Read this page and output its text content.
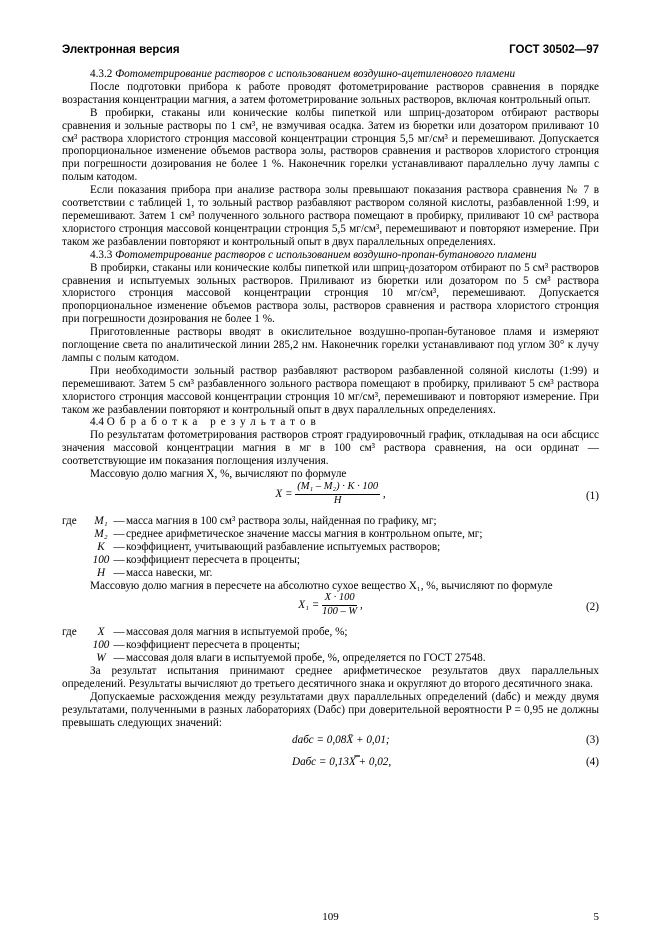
Электронная версия	ГОСТ 30502—97

4.3.2 Фотометрирование растворов с использованием воздушно-ацетиленового пламени

После подготовки прибора к работе проводят фотометрирование растворов сравнения в порядке возрастания концентрации магния, а затем фотометрирование зольных растворов, включая контрольный опыт.

В пробирки, стаканы или конические колбы пипеткой или шприц-дозатором отбирают растворы сравнения и зольные растворы по 1 см³, не взмучивая осадка. Затем из бюретки или дозатором приливают 10 см³ раствора хлористого стронция массовой концентрации стронция 5,5 мг/см³ и перемешивают. Допускается пропорциональное изменение объемов раствора золы, растворов сравнения и растворов хлористого стронция при погрешности дозирования не более 1 %. Наконечник горелки устанавливают параллельно лучу лампы с полым катодом.

Если показания прибора при анализе раствора золы превышают показания раствора сравнения № 7 в соответствии с таблицей 1, то зольный раствор разбавляют раствором соляной кислоты, разбавленной 1:99, и перемешивают. Затем 1 см³ полученного зольного раствора помещают в пробирку, приливают 10 см³ раствора хлористого стронция массовой концентрации стронция 5,5 мг/см³, перемешивают и повторяют измерение. При таком же разбавлении повторяют и контрольный опыт в двух параллельных определениях.

4.3.3 Фотометрирование растворов с использованием воздушно-пропан-бутанового пламени

В пробирки, стаканы или конические колбы пипеткой или шприц-дозатором отбирают по 5 см³ растворов сравнения и испытуемых зольных растворов. Приливают из бюретки или дозатором по 5 см³ раствора хлористого стронция массовой концентрации стронция 10 мг/см³, перемешивают. Допускается пропорциональное изменение объемов раствора золы, растворов сравнения и раствора хлористого стронция при погрешности дозирования не более 1 %.

Приготовленные растворы вводят в окислительное воздушно-пропан-бутановое пламя и измеряют поглощение света по аналитической линии 285,2 нм. Наконечник горелки устанавливают под углом 30° к лучу лампы с полым катодом.

При необходимости зольный раствор разбавляют раствором разбавленной соляной кислоты (1:99) и перемешивают. Затем 5 см³ разбавленного зольного раствора помещают в пробирку, приливают 5 см³ раствора хлористого стронция массовой концентрации стронция 10 мг/см³, перемешивают и повторяют измерение. При таком же разбавлении повторяют и контрольный опыт в двух параллельных определениях.

4.4 Обработка результатов

По результатам фотометрирования растворов строят градуировочный график, откладывая на оси абсцисс значения массовой концентрации магния в мг в 100 см³ раствора сравнения, на оси ординат — соответствующие им показания поглощения излучения.

Массовую долю магния X, %, вычисляют по формуле

$X = \frac{\text{(M₁ – M₂) · K · 100}}{H}$ ,	(1)
где	M₁	—	масса магния в 100 см³ раствора золы, найденная по графику, мг;
	M₂	—	среднее арифметическое значение массы магния в контрольном опыте, мг;
	K	—	коэффициент, учитывающий разбавление испытуемых растворов;
	100	—	коэффициент пересчета в проценты;
	H	—	масса навески, мг.

Массовую долю магния в пересчете на абсолютно сухое вещество X₁, %, вычисляют по формуле

$X_1 = \frac{X \cdot 100}{100 - W}$ ,	(2)
где	X	—	массовая доля магния в испытуемой пробе, %;
	100	—	коэффициент пересчета в проценты;
	W	—	массовая доля влаги в испытуемой пробе, %, определяется по ГОСТ 27548.

За результат испытания принимают среднее арифметическое результатов двух параллельных определений. Результаты вычисляют до третьего десятичного знака и округляют до второго десятичного знака.

Допускаемые расхождения между результатами двух параллельных определений (dабс) и между двумя результатами, полученными в разных лабораториях (Dабс) при доверительной вероятности P = 0,95 не должны превышать следующих значений:

dабс = 0,08X̄ + 0,01;	(3)
Dабс = 0,13X̿ + 0,02,	(4)
109	5
